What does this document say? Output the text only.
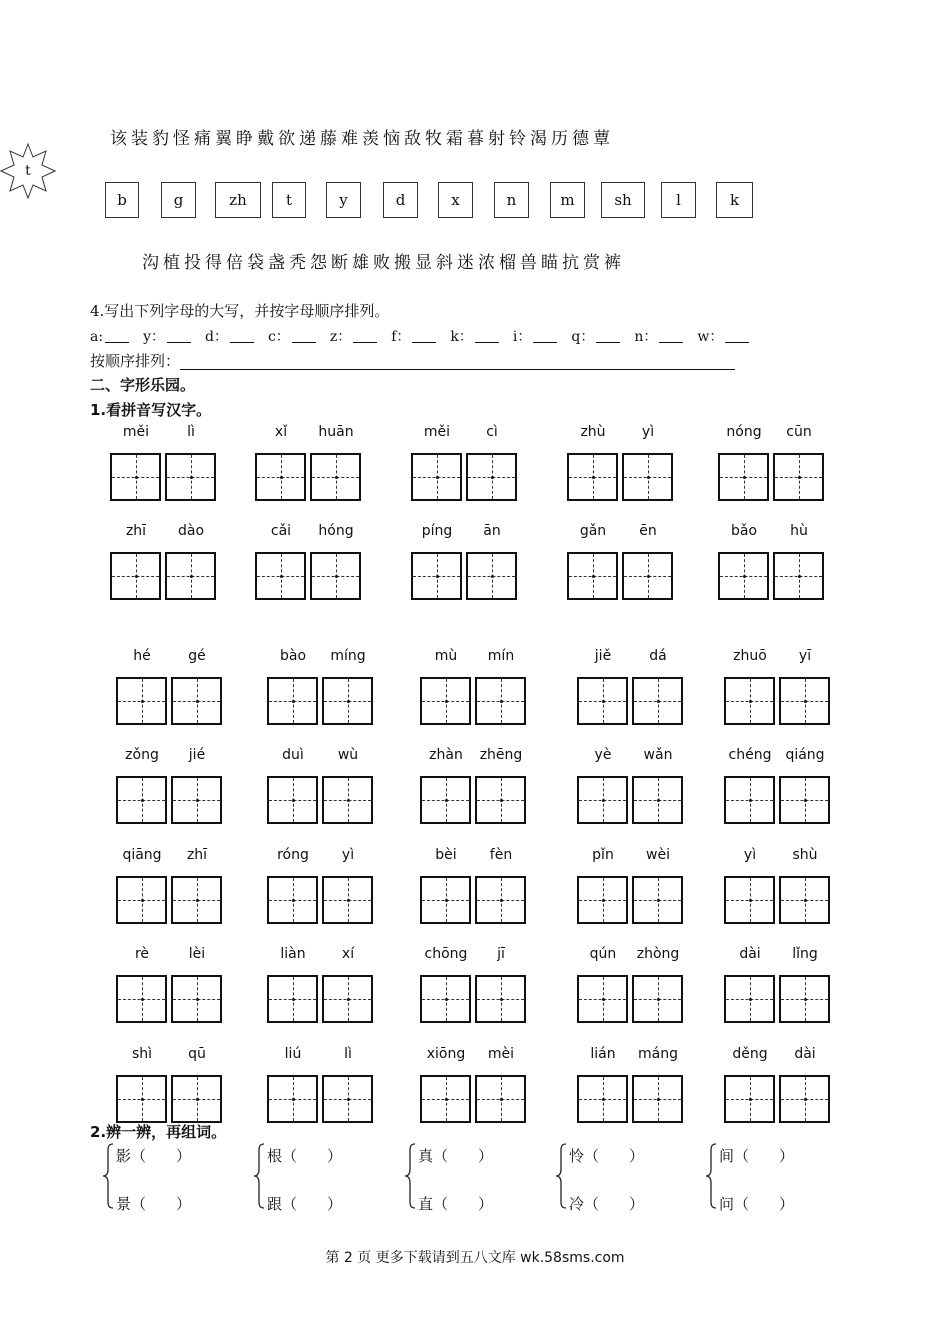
该 装 豹 怪 痛 翼 睁 戴 欲 递 藤 难 羡 恼 敌 牧 霜 暮 射 铃 渴 历 德 蕈
t
b	g	zh	t	y	d	x	n	m	sh	l	k
沟 植 投 得 倍 袋 盏 秃 怨 断 雄 败 搬 显 斜 迷 浓 榴 兽 瞄 抗 赏 裤
4.写出下列字母的大写，并按字母顺序排列。
a:	y：	d：	c：	z：	f：	k：	i：	q：	n：	w：
按顺序排列：
二、字形乐园。
1.看拼音写汉字。
měi	lì	xǐ	huān	měi	cì	zhù	yì	nóng	cūn
zhī	dào	cǎi	hóng	píng	ān	gǎn	ēn	bǎo	hù
hé	gé	bào	míng	mù	mín	jiě	dá	zhuō	yī
zǒng	jié	duì	wù	zhàn	zhēng	yè	wǎn	chéng qiáng
qiāng	zhī	róng	yì	bèi	fèn	pǐn	wèi	yì	shù
rè	lèi	liàn	xí	chōng	jī	qún	zhòng	dài	lǐng
shì	qū	liú	lì	xiōng	mèi	lián	máng	děng	dài
2.辨一辨，再组词。
影（　　）
景（　　）
根（　　）
跟（　　）
真（　　）
直（　　）
怜（　　）
冷（　　）
间（　　）
问（　　）
第 2 页 更多下载请到五八文库 wk.58sms.com
